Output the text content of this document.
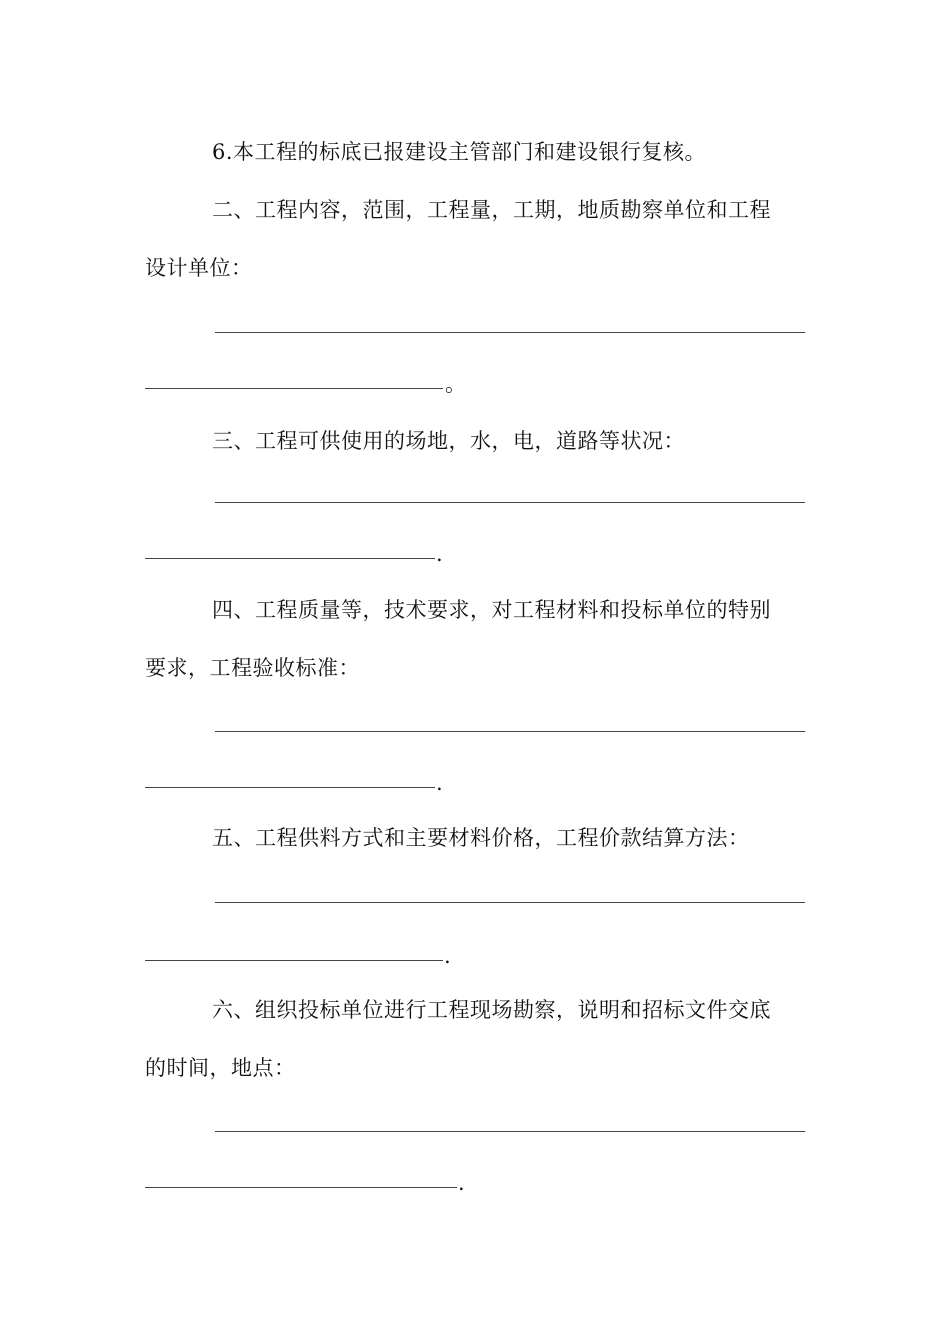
6.本工程的标底已报建设主管部门和建设银行复核。
二、工程内容，范围，工程量，工期，地质勘察单位和工程
设计单位：
。
三、工程可供使用的场地，水，电，道路等状况：
.
四、工程质量等，技术要求，对工程材料和投标单位的特别
要求，工程验收标准：
.
五、工程供料方式和主要材料价格，工程价款结算方法：
.
六、组织投标单位进行工程现场勘察，说明和招标文件交底
的时间，地点：
.
